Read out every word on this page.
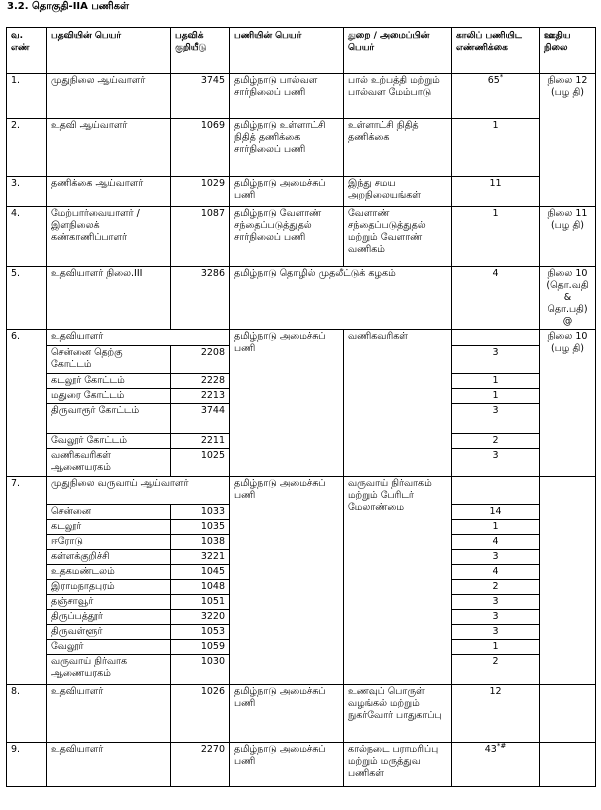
3.2. தொகுதி-IIA பணிகள்
வ. எண்	பதவியின் பெயர்	பதவிக் குறியீடு	பணியின் பெயர்	துறை / அமைப்பின் பெயர்	காலிப் பணியிட எண்ணிக்கை	ஊதிய நிலை
1.	முதுநிலை ஆய்வாளர்	3745	தமிழ்நாடு பால்வள சார்நிலைப் பணி	பால் உற்பத்தி மற்றும் பால்வள மேம்பாடு	65*	நிலை 12 (பழ தி)
2.	உதவி ஆய்வாளர்	1069	தமிழ்நாடு உள்ளாட்சி நிதித் தணிக்கை சார்நிலைப் பணி	உள்ளாட்சி நிதித் தணிக்கை	1	
3.	தணிக்கை ஆய்வாளர்	1029	தமிழ்நாடு அமைச்சுப் பணி	இந்து சமய அறநிலையங்கள்	11	
4.	மேற்பார்வையாளர் / இளநிலைக் கண்காணிப்பாளர்	1087	தமிழ்நாடு வேளாண் சந்தைப்படுத்துதல் சார்நிலைப் பணி	வேளாண் சந்தைப்படுத்துதல் மற்றும் வேளாண் வணிகம்	1	நிலை 11 (பழ தி)
5.	உதவியாளர் நிலை.III	3286	தமிழ்நாடு தொழில் முதலீட்டுக் கழகம்		4	நிலை 10 (தொ.வதி & தொ.பதி) @
6.	உதவியாளர்		தமிழ்நாடு அமைச்சுப் பணி	வணிகவரிகள்		நிலை 10 (பழ தி)
	சென்னை தெற்கு கோட்டம்	2208			3	
	கடலூர் கோட்டம்	2228			1	
	மதுரை கோட்டம்	2213			1	
	திருவாரூர் கோட்டம்	3744			3	
	வேலூர் கோட்டம்	2211			2	
	வணிகவரிகள் ஆணையரகம்	1025			3	
7.	முதுநிலை வருவாய் ஆய்வாளர்		தமிழ்நாடு அமைச்சுப் பணி	வருவாய் நிர்வாகம் மற்றும் பேரிடர் மேலாண்மை		
	சென்னை	1033			14	
	கடலூர்	1035			1	
	ஈரோடு	1038			4	
	கள்ளக்குறிச்சி	3221			3	
	உதகமண்டலம்	1045			4	
	இராமநாதபுரம்	1048			2	
	தஞ்சாவூர்	1051			3	
	திருப்பத்தூர்	3220			3	
	திருவள்ளூர்	1053			3	
	வேலூர்	1059			1	
	வருவாய் நிர்வாக ஆணையரகம்	1030			2	
8.	உதவியாளர்	1026	தமிழ்நாடு அமைச்சுப் பணி	உணவுப் பொருள் வழங்கல் மற்றும் நுகர்வோர் பாதுகாப்பு	12	
9.	உதவியாளர்	2270	தமிழ்நாடு அமைச்சுப் பணி	கால்நடை பராமரிப்பு மற்றும் மருத்துவ பணிகள்	43*#	
